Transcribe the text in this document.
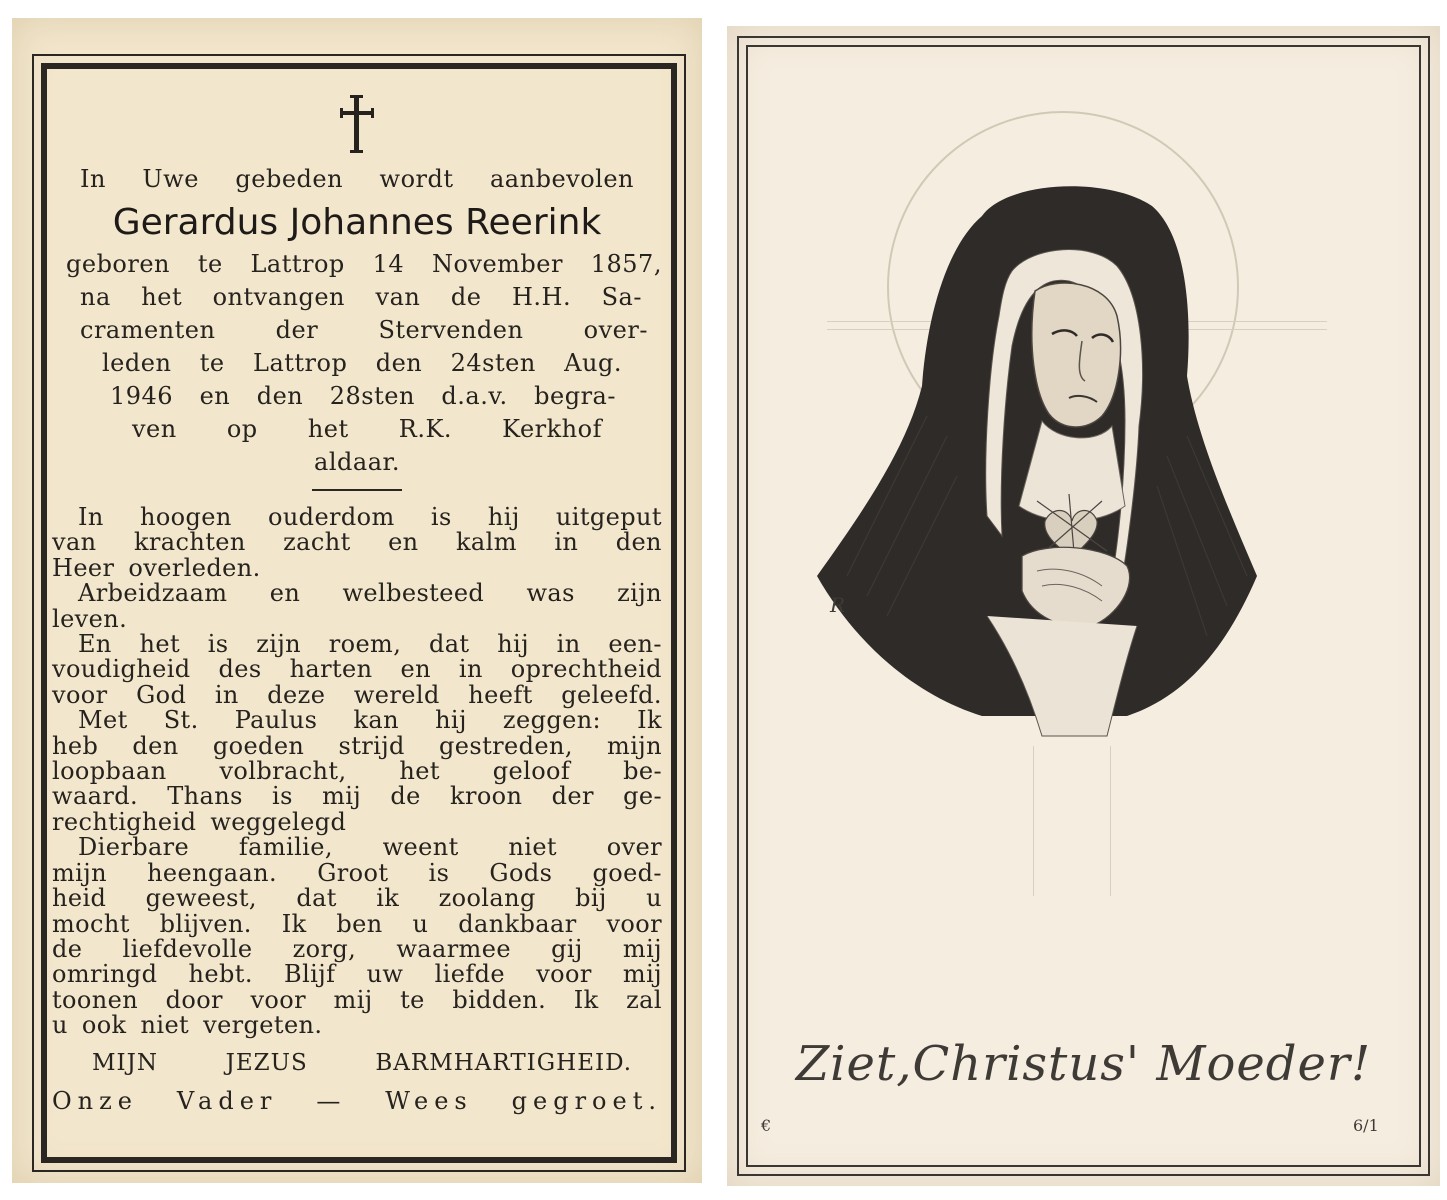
In Uwe gebeden wordt aanbevolen
Gerardus Johannes Reerink
geboren te Lattrop 14 November 1857,
na het ontvangen van de H.H. Sa-
cramenten	der	Stervenden	over-
leden te Lattrop den 24sten Aug.
1946 en den 28sten d.a.v. begra-
ven op het R.K. Kerkhof
aldaar.
In hoogen ouderdom is hij uitgeput
van krachten zacht en kalm in den
Heer overleden.
Arbeidzaam en welbesteed was zijn
leven.
En het is zijn roem, dat hij in een-
voudigheid des harten en in oprechtheid
voor God in deze wereld heeft geleefd.
Met St. Paulus kan hij zeggen: Ik
heb den goeden strijd gestreden, mijn
loopbaan volbracht, het geloof be-
waard. Thans is mij de kroon der ge-
rechtigheid weggelegd
Dierbare familie, weent niet over
mijn heengaan. Groot is Gods goed-
heid geweest, dat ik zoolang bij u
mocht blijven. Ik ben u dankbaar voor
de liefdevolle zorg, waarmee gij mij
omringd hebt. Blijf uw liefde voor mij
toonen door voor mij te bidden. Ik zal
u ook niet vergeten.
MIJN	JEZUS	BARMHARTIGHEID.
Onze Vader — Wees gegroet.
R
Ziet,Christus' Moeder!
€	6/1
